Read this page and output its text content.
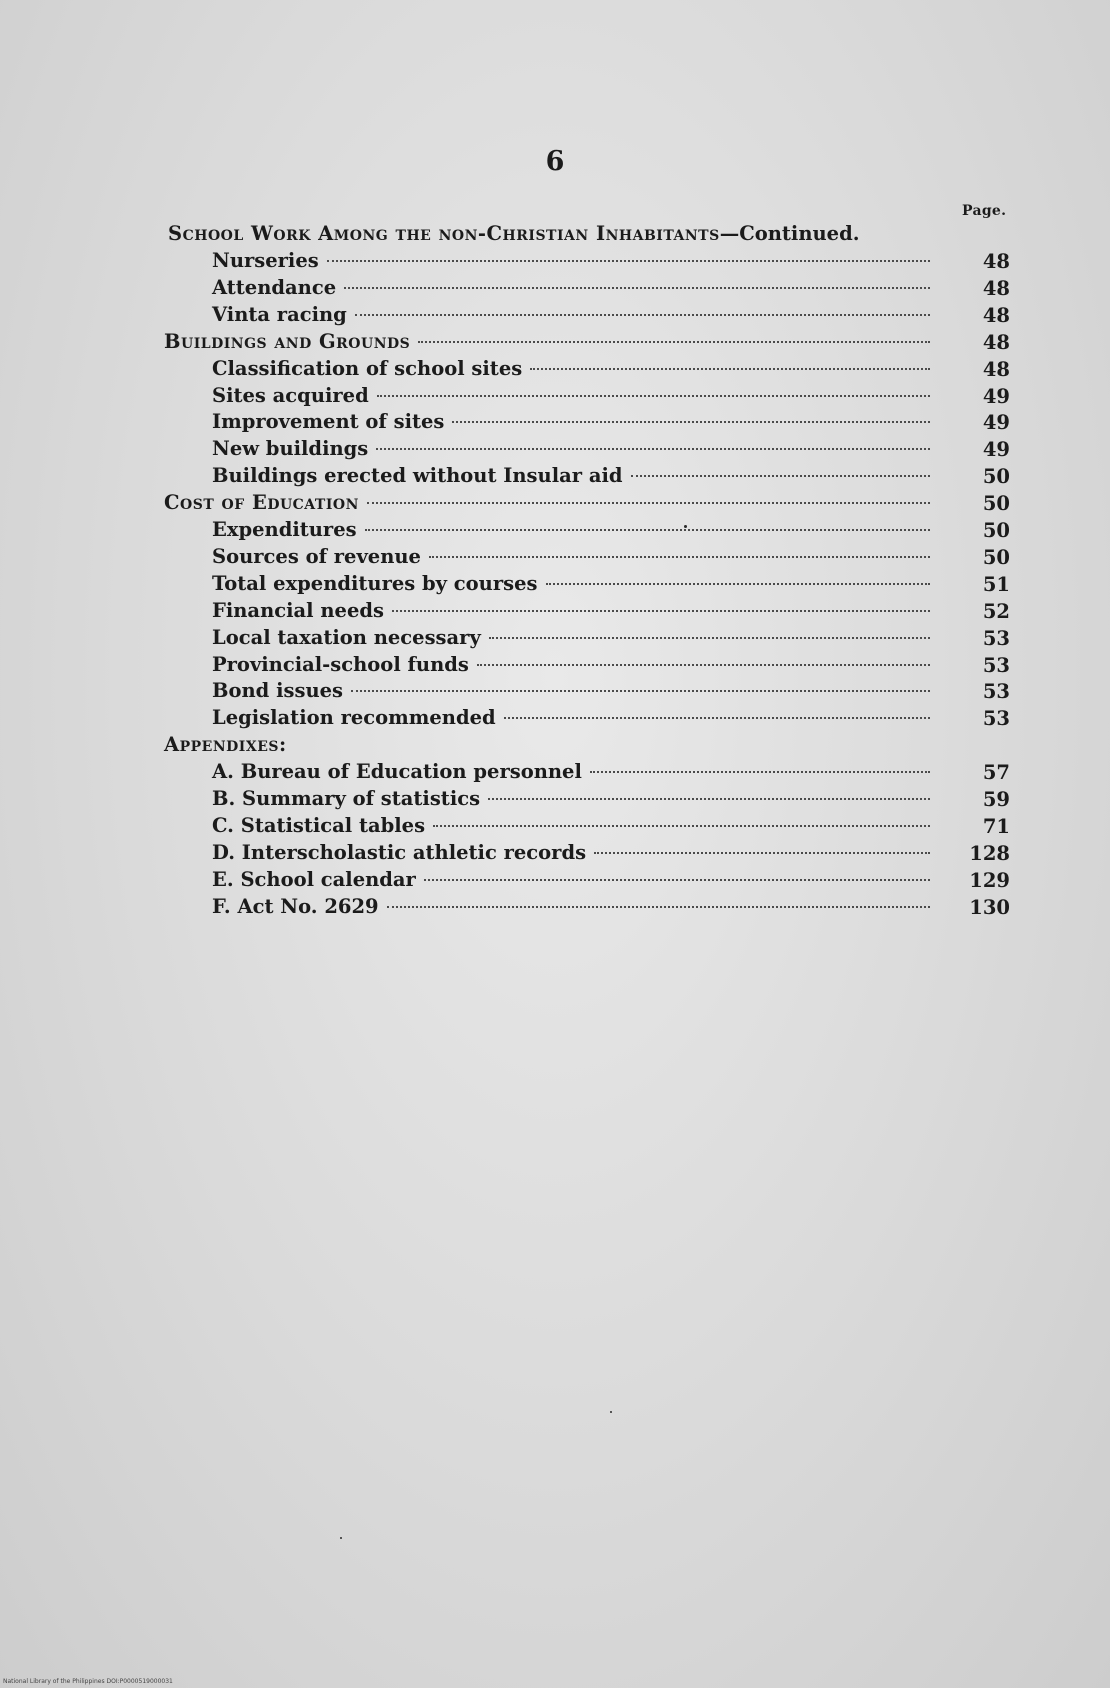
6
Page.
School Work Among the non-Christian Inhabitants —Continued.
Nurseries	48
Attendance	48
Vinta racing	48
Buildings and Grounds	48
Classification of school sites	48
Sites acquired	49
Improvement of sites	49
New buildings	49
Buildings erected without Insular aid	50
Cost of Education	50
Expenditures	50
Sources of revenue	50
Total expenditures by courses	51
Financial needs	52
Local taxation necessary	53
Provincial-school funds	53
Bond issues	53
Legislation recommended	53
Appendixes:
A. Bureau of Education personnel	57
B. Summary of statistics	59
C. Statistical tables	71
D. Interscholastic athletic records	128
E. School calendar	129
F. Act No. 2629	130
National Library of the Philippines DOI:P0000519000031
